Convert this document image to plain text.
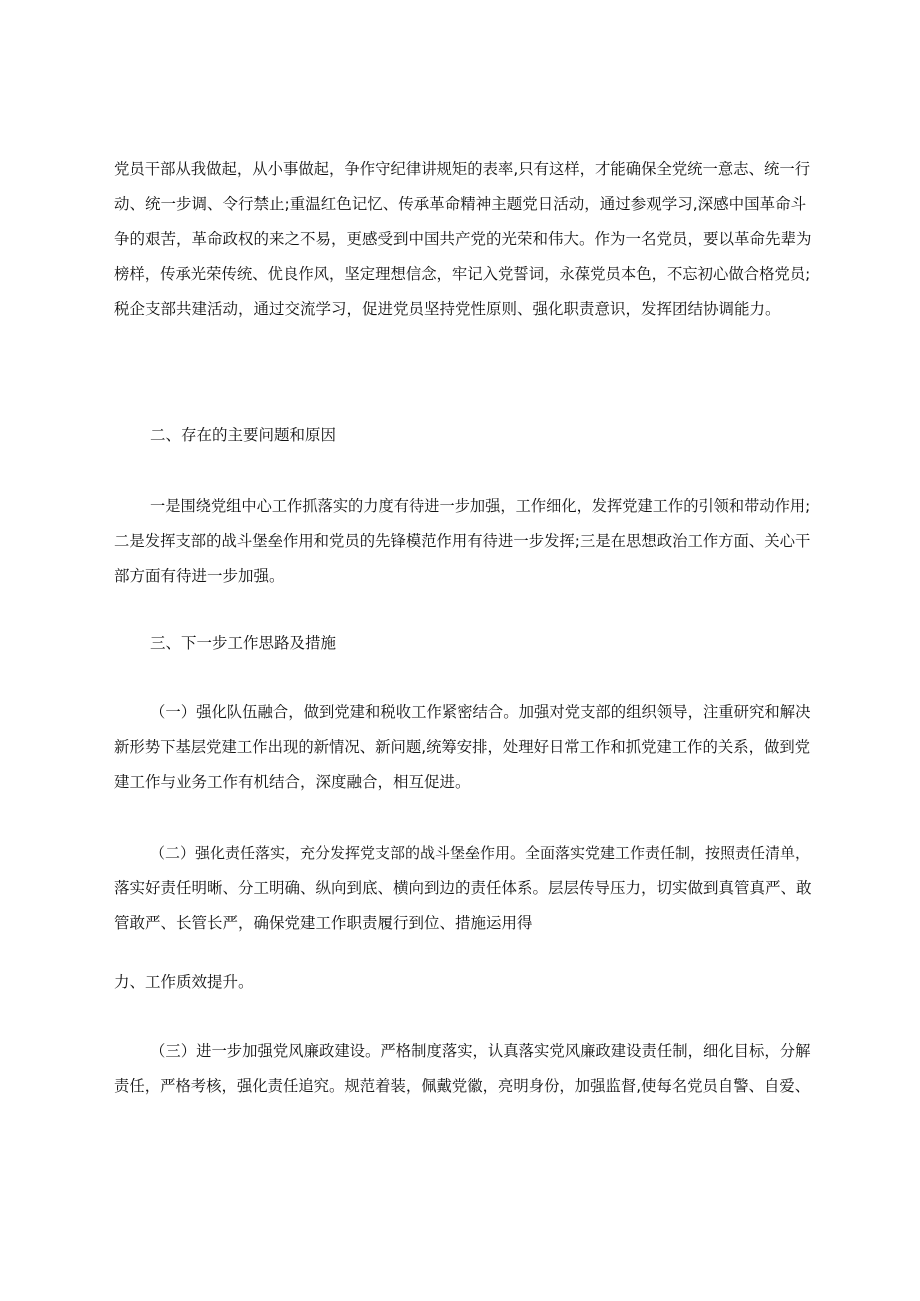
党员干部从我做起，从小事做起，争作守纪律讲规矩的表率,只有这样，才能确保全党统一意志、统一行
动、统一步调、令行禁止;重温红色记忆、传承革命精神主题党日活动，通过参观学习,深感中国革命斗
争的艰苦，革命政权的来之不易，更感受到中国共产党的光荣和伟大。作为一名党员，要以革命先辈为
榜样，传承光荣传统、优良作风，坚定理想信念，牢记入党誓词，永葆党员本色，不忘初心做合格党员;
税企支部共建活动，通过交流学习，促进党员坚持党性原则、强化职责意识，发挥团结协调能力。
二、存在的主要问题和原因
一是围绕党组中心工作抓落实的力度有待进一步加强，工作细化，发挥党建工作的引领和带动作用;
二是发挥支部的战斗堡垒作用和党员的先锋模范作用有待进一步发挥;三是在思想政治工作方面、关心干
部方面有待进一步加强。
三、下一步工作思路及措施
（一）强化队伍融合，做到党建和税收工作紧密结合。加强对党支部的组织领导，注重研究和解决
新形势下基层党建工作出现的新情况、新问题,统筹安排，处理好日常工作和抓党建工作的关系，做到党
建工作与业务工作有机结合，深度融合，相互促进。
（二）强化责任落实，充分发挥党支部的战斗堡垒作用。全面落实党建工作责任制，按照责任清单，
落实好责任明晰、分工明确、纵向到底、横向到边的责任体系。层层传导压力，切实做到真管真严、敢
管敢严、长管长严，确保党建工作职责履行到位、措施运用得
力、工作质效提升。
（三）进一步加强党风廉政建设。严格制度落实，认真落实党风廉政建设责任制，细化目标，分解
责任，严格考核，强化责任追究。规范着装，佩戴党徽，亮明身份，加强监督,使每名党员自警、自爱、
